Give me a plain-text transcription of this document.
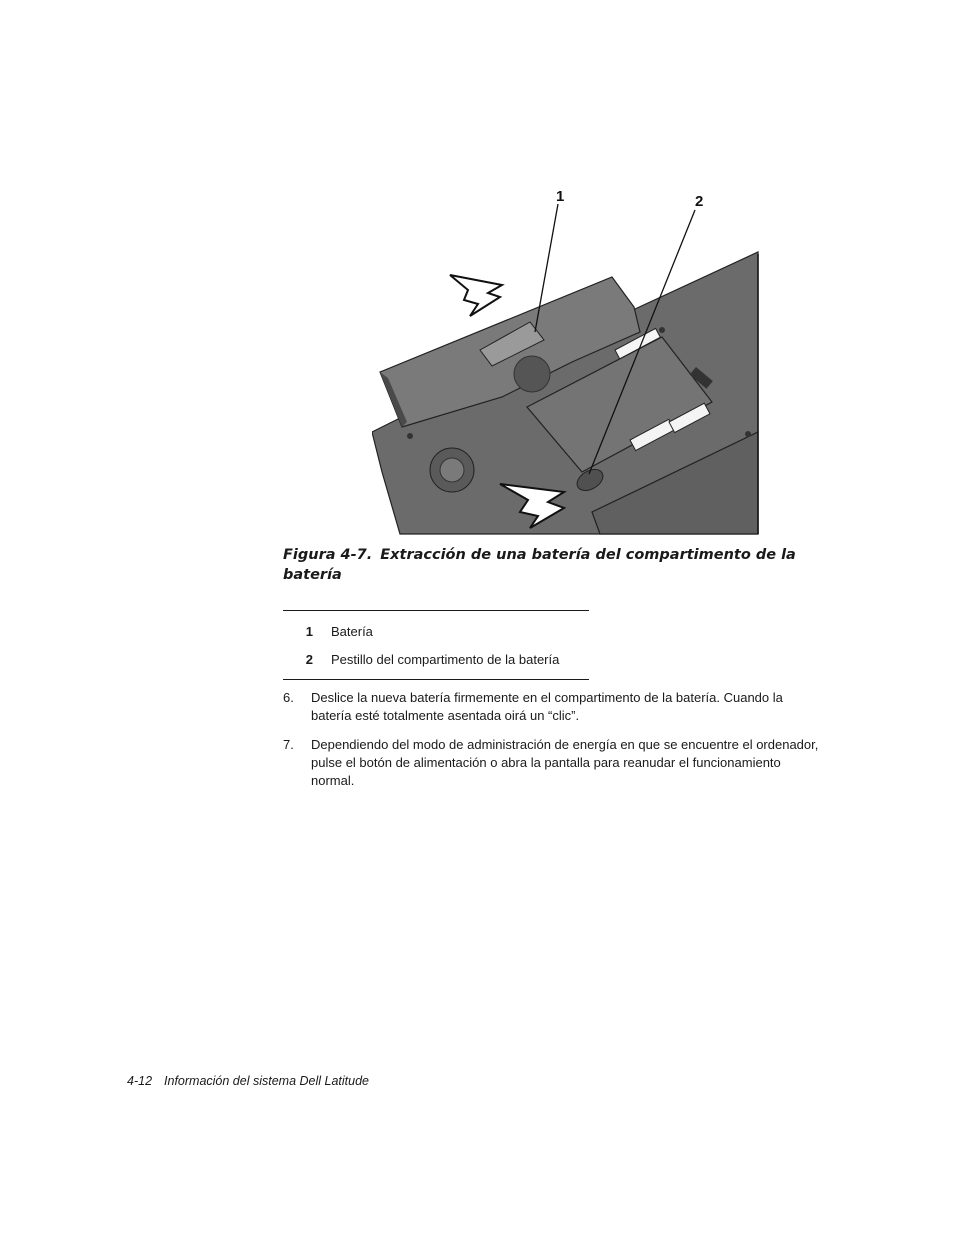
1	2
Figura 4-7. Extracción de una batería del compartimento de la batería
1	Batería
2	Pestillo del compartimento de la batería
6.	Deslice la nueva batería firmemente en el compartimento de la batería. Cuando la batería esté totalmente asentada oirá un “clic”.
7.	Dependiendo del modo de administración de energía en que se encuentre el ordenador, pulse el botón de alimentación o abra la pantalla para reanudar el funcionamiento normal.
4-12 Información del sistema Dell Latitude
